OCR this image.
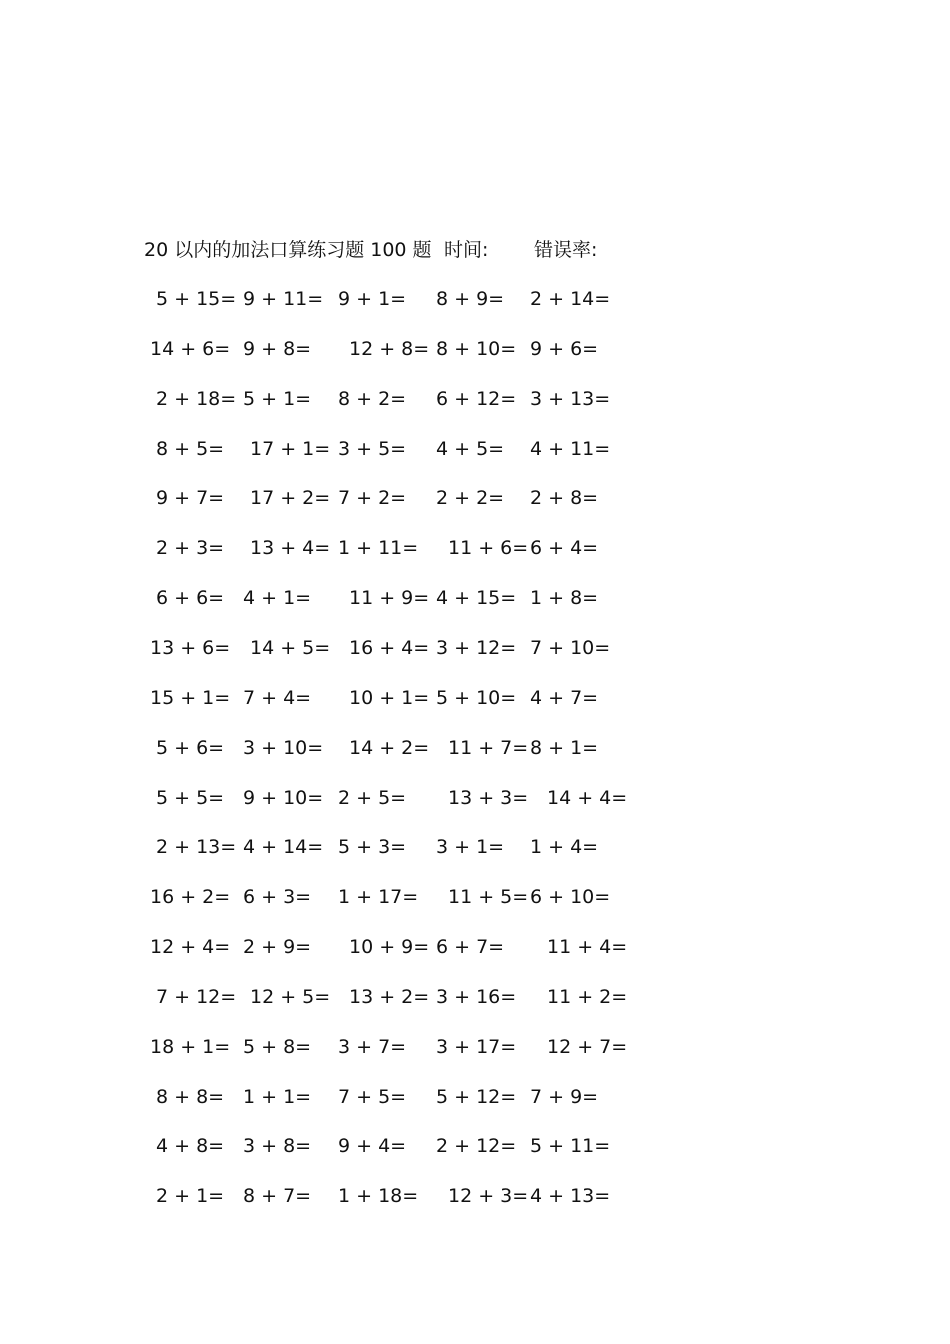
20 以内的加法口算练习题 100 题 时间: 错误率:
5 + 15= 9 + 11= 9 + 1= 8 + 9= 2 + 14=
14 + 6= 9 + 8= 12 + 8= 8 + 10= 9 + 6=
2 + 18= 5 + 1= 8 + 2= 6 + 12= 3 + 13=
8 + 5= 17 + 1= 3 + 5= 4 + 5= 4 + 11=
9 + 7= 17 + 2= 7 + 2= 2 + 2= 2 + 8=
2 + 3= 13 + 4= 1 + 11= 11 + 6= 6 + 4=
6 + 6= 4 + 1= 11 + 9= 4 + 15= 1 + 8=
13 + 6= 14 + 5= 16 + 4= 3 + 12= 7 + 10=
15 + 1= 7 + 4= 10 + 1= 5 + 10= 4 + 7=
5 + 6= 3 + 10= 14 + 2= 11 + 7= 8 + 1=
5 + 5= 9 + 10= 2 + 5= 13 + 3= 14 + 4=
2 + 13= 4 + 14= 5 + 3= 3 + 1= 1 + 4=
16 + 2= 6 + 3= 1 + 17= 11 + 5= 6 + 10=
12 + 4= 2 + 9= 10 + 9= 6 + 7= 11 + 4=
7 + 12= 12 + 5= 13 + 2= 3 + 16= 11 + 2=
18 + 1= 5 + 8= 3 + 7= 3 + 17= 12 + 7=
8 + 8= 1 + 1= 7 + 5= 5 + 12= 7 + 9=
4 + 8= 3 + 8= 9 + 4= 2 + 12= 5 + 11=
2 + 1= 8 + 7= 1 + 18= 12 + 3= 4 + 13=
